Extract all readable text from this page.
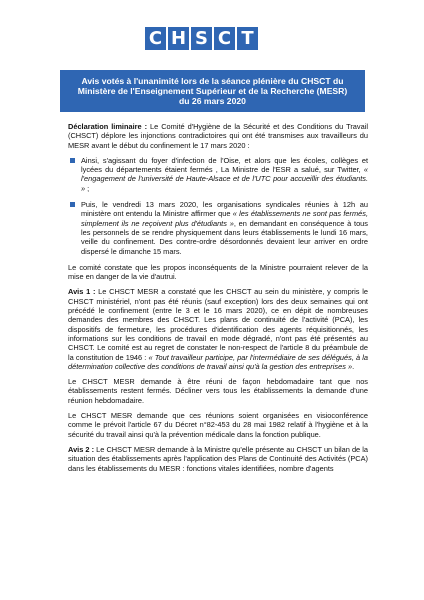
C H S C T
Avis votés à l'unanimité lors de la séance plénière du CHSCT du
Ministère de l'Enseignement Supérieur et de la Recherche (MESR)
du 26 mars 2020

Déclaration liminaire : Le Comité d'Hygiène de la Sécurité et des Conditions du Travail (CHSCT) déplore les injonctions contradictoires qui ont été transmises aux travailleurs du MESR avant le début du confinement le 17 mars 2020 :

Ainsi, s'agissant du foyer d'infection de l'Oise, et alors que les écoles, collèges et lycées du départements étaient fermés , La Ministre de l'ESR a salué, sur Twitter, « l'engagement de l'université de Haute-Alsace et de l'UTC pour accueillir des étudiants. » ;
Puis, le vendredi 13 mars 2020, les organisations syndicales réunies à 12h au ministère ont entendu la Ministre affirmer que « les établissements ne sont pas fermés, simplement ils ne reçoivent plus d'étudiants », en demandant en conséquence à tous les personnels de se rendre physiquement dans leurs établissements le lundi 16 mars, veille du confinement. Des contre-ordre désordonnés devaient leur arriver en ordre dispersé le dimanche 15 mars.

Le comité constate que les propos inconséquents de la Ministre pourraient relever de la mise en danger de la vie d'autrui.

Avis 1 : Le CHSCT MESR a constaté que les CHSCT au sein du ministère, y compris le CHSCT ministériel, n'ont pas été réunis (sauf exception) lors des deux semaines qui ont précédé le confinement (entre le 3 et le 16 mars 2020), ce en dépit de nombreuses demandes des membres des CHSCT. Les plans de continuité de l'activité (PCA), les dispositifs de fermeture, les procédures d'identification des agents réquisitionnés, les informations sur les conditions de travail en mode dégradé, n'ont pas été présentés au CHSCT. Le comité est au regret de constater le non-respect de l'article 8 du préambule de la constitution de 1946 : « Tout travailleur participe, par l'intermédiaire de ses délégués, à la détermination collective des conditions de travail ainsi qu'à la gestion des entreprises ».

Le CHSCT MESR demande à être réuni de façon hebdomadaire tant que nos établissements restent fermés. Décliner vers tous les établissements la demande d'une réunion hebdomadaire.

Le CHSCT MESR demande que ces réunions soient organisées en visioconférence comme le prévoit l'article 67 du Décret n°82-453 du 28 mai 1982 relatif à l'hygiène et à la sécurité du travail ainsi qu'à la prévention médicale dans la fonction publique.

Avis 2 : Le CHSCT MESR demande à la Ministre qu'elle présente au CHSCT un bilan de la situation des établissements après l'application des Plans de Continuité des Activités (PCA) dans les établissements du MESR : fonctions vitales identifiées, nombre d'agents
